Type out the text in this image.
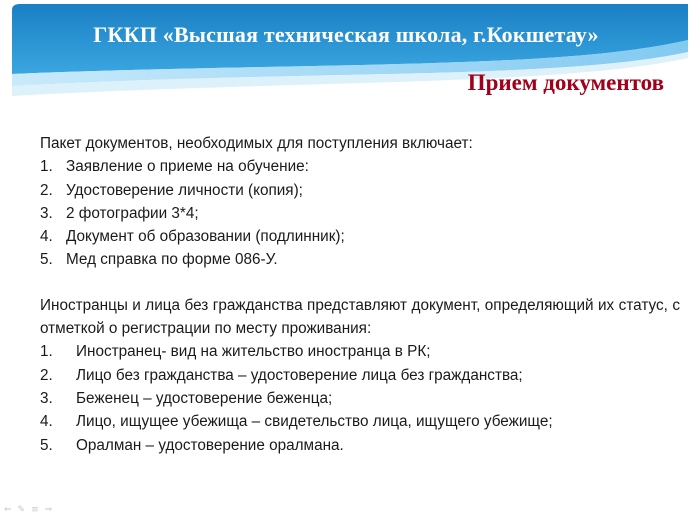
ГККП «Высшая техническая школа, г.Кокшетау»
Прием документов

Пакет документов, необходимых для поступления включает:

1. Заявление о приеме на обучение:
2. Удостоверение личности (копия);
3. 2 фотографии 3*4;
4. Документ об образовании (подлинник);
5. Мед справка по форме 086-У.

Иностранцы и лица без гражданства представляют документ, определяющий их статус, с отметкой о регистрации по месту проживания:

1.	Иностранец- вид на жительство иностранца в РК;
2.	Лицо без гражданства – удостоверение лица без гражданства;
3.	Беженец – удостоверение беженца;
4.	Лицо, ищущее убежища – свидетельство лица, ищущего убежище;
5.	Оралман – удостоверение оралмана.
⇐ ✎ ≡ ⇒
